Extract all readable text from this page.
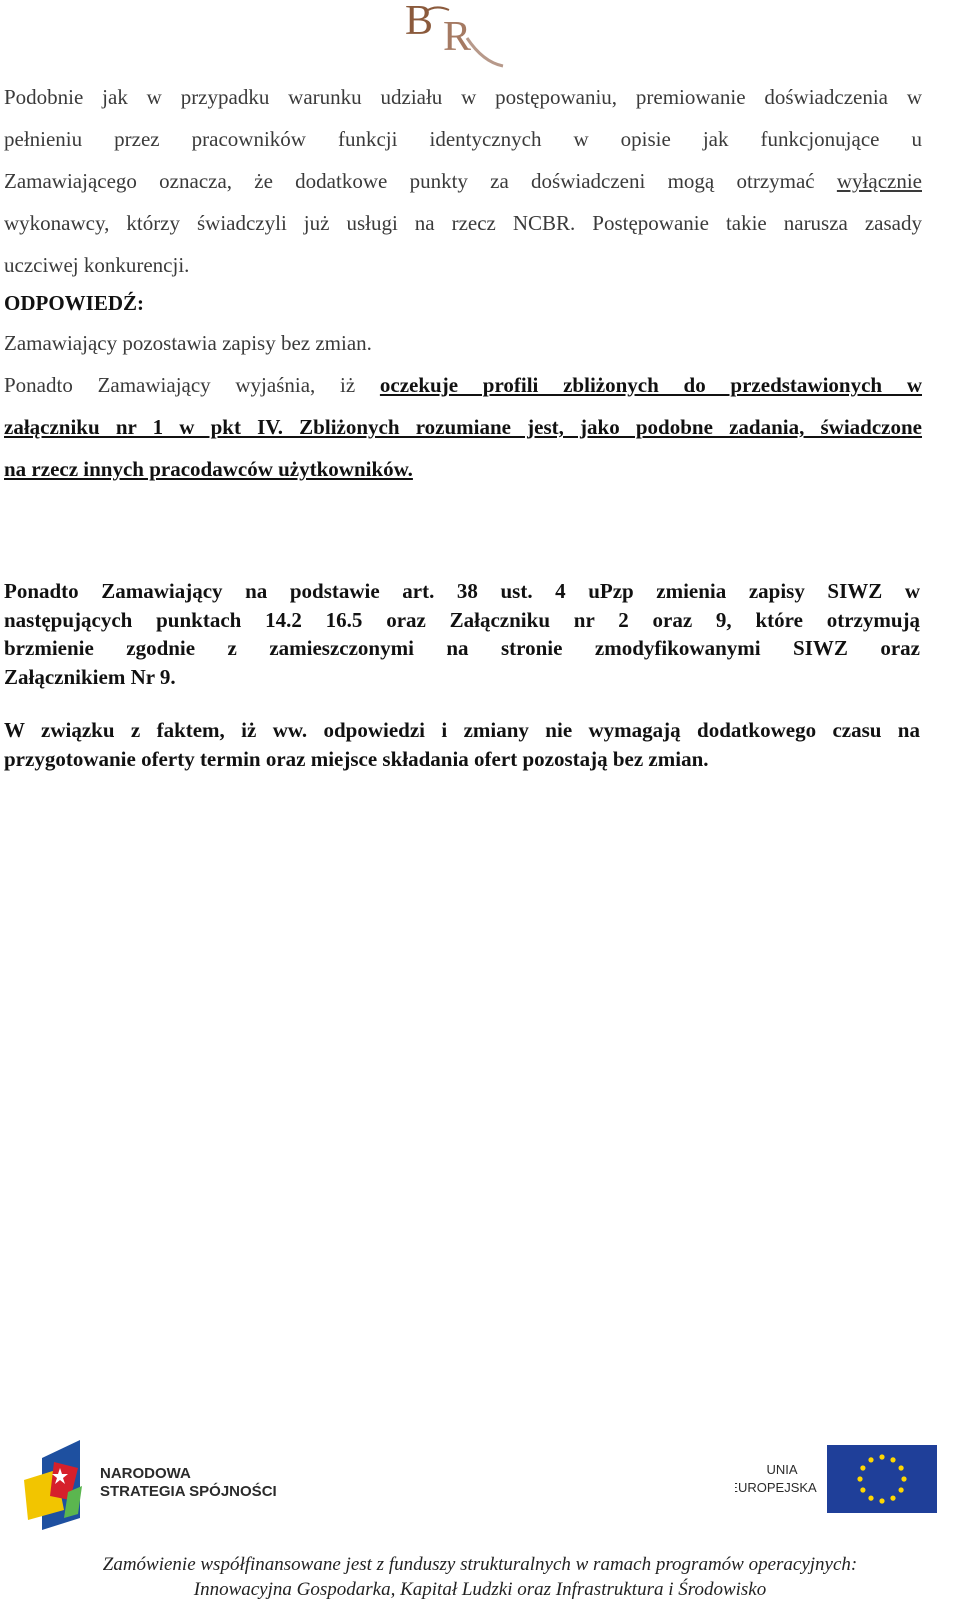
B R
Podobnie jak w przypadku warunku udziału w postępowaniu, premiowanie doświadczenia w
pełnieniu przez pracowników funkcji identycznych w opisie jak funkcjonujące u
Zamawiającego oznacza, że dodatkowe punkty za doświadczeni mogą otrzymać wyłącznie
wykonawcy, którzy świadczyli już usługi na rzecz NCBR. Postępowanie takie narusza zasady
uczciwej konkurencji.
ODPOWIEDŹ:
Zamawiający pozostawia zapisy bez zmian.
Ponadto Zamawiający wyjaśnia, iż oczekuje profili zbliżonych do przedstawionych w
załączniku nr 1 w pkt IV. Zbliżonych rozumiane jest, jako podobne zadania, świadczone
na rzecz innych pracodawców użytkowników.
Ponadto Zamawiający na podstawie art. 38 ust. 4 uPzp zmienia zapisy SIWZ w
następujących punktach 14.2 16.5 oraz Załączniku nr 2 oraz 9, które otrzymują
brzmienie zgodnie z zamieszczonymi na stronie zmodyfikowanymi SIWZ oraz
Załącznikiem Nr 9.
W związku z faktem, iż ww. odpowiedzi i zmiany nie wymagają dodatkowego czasu na
przygotowanie oferty termin oraz miejsce składania ofert pozostają bez zmian.
NARODOWA
STRATEGIA SPÓJNOŚCI
UNIA
EUROPEJSKA
Zamówienie współfinansowane jest z funduszy strukturalnych w ramach programów operacyjnych:
Innowacyjna Gospodarka, Kapitał Ludzki oraz Infrastruktura i Środowisko
